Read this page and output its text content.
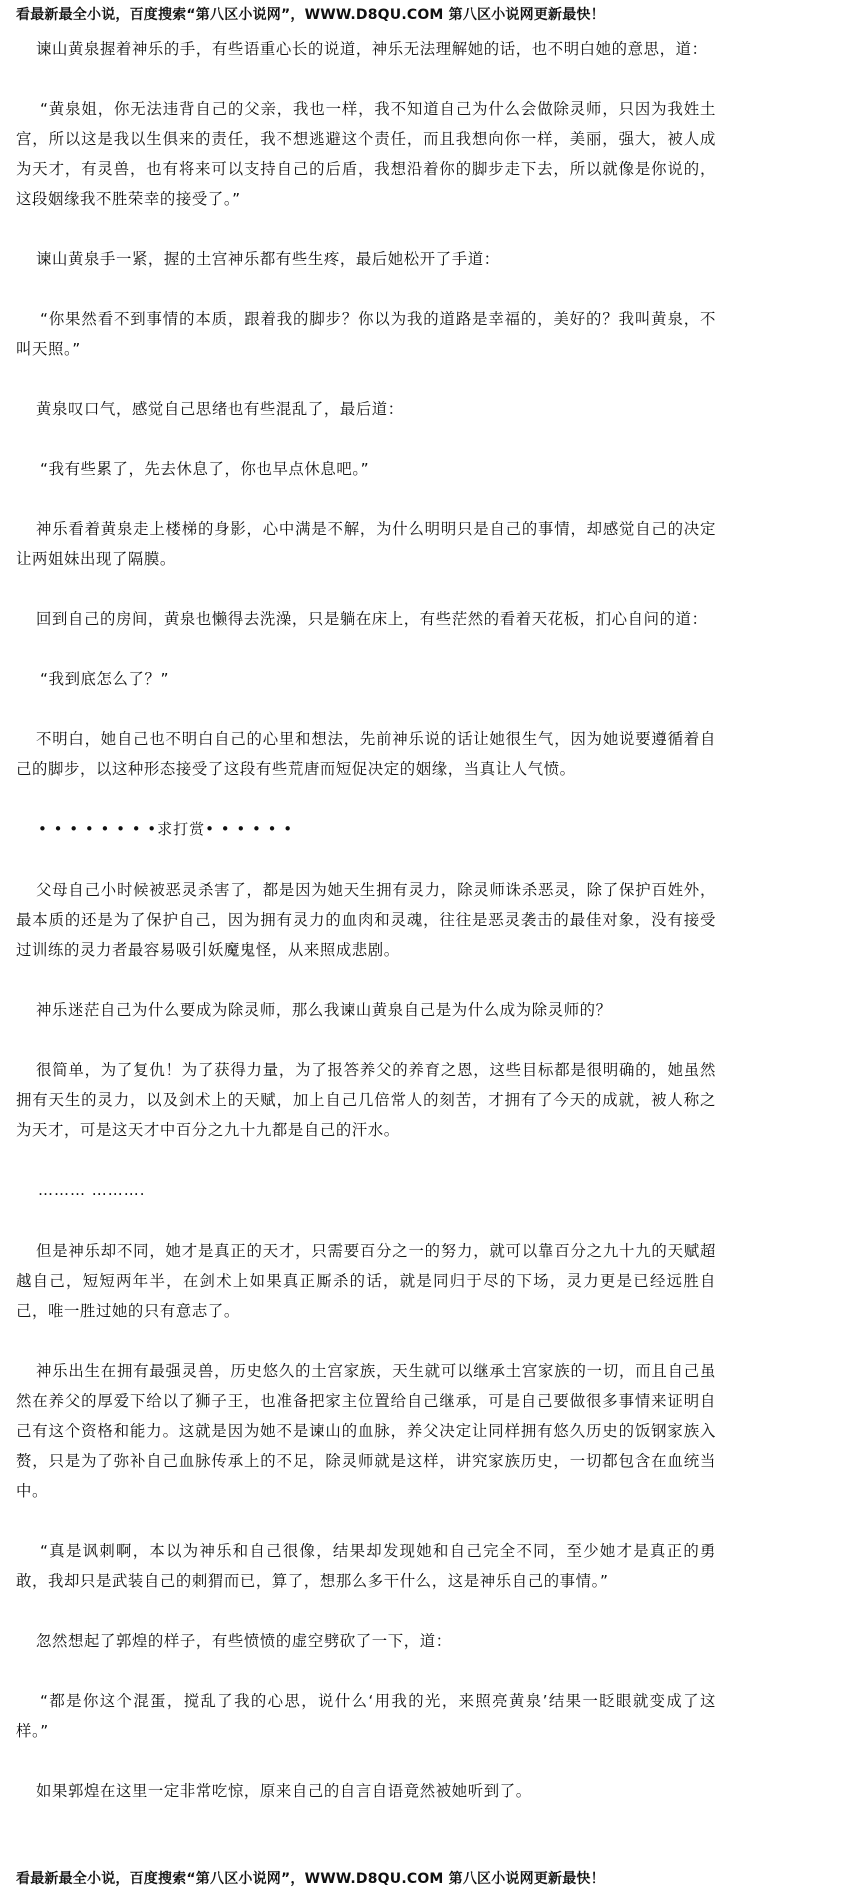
看最新最全小说，百度搜索“第八区小说网”，WWW.D8QU.COM 第八区小说网更新最快！

谏山黄泉握着神乐的手，有些语重心长的说道，神乐无法理解她的话，也不明白她的意思，道：

“黄泉姐，你无法违背自己的父亲，我也一样，我不知道自己为什么会做除灵师，只因为我姓土宫，所以这是我以生俱来的责任，我不想逃避这个责任，而且我想向你一样，美丽，强大，被人成为天才，有灵兽，也有将来可以支持自己的后盾，我想沿着你的脚步走下去，所以就像是你说的，这段姻缘我不胜荣幸的接受了。”

谏山黄泉手一紧，握的土宫神乐都有些生疼，最后她松开了手道：

“你果然看不到事情的本质，跟着我的脚步？你以为我的道路是幸福的，美好的？我叫黄泉，不叫天照。”

黄泉叹口气，感觉自己思绪也有些混乱了，最后道：

“我有些累了，先去休息了，你也早点休息吧。”

神乐看着黄泉走上楼梯的身影，心中满是不解，为什么明明只是自己的事情，却感觉自己的决定让两姐妹出现了隔膜。

回到自己的房间，黄泉也懒得去洗澡，只是躺在床上，有些茫然的看着天花板，扪心自问的道：

“我到底怎么了？”

不明白，她自己也不明白自己的心里和想法，先前神乐说的话让她很生气，因为她说要遵循着自己的脚步，以这种形态接受了这段有些荒唐而短促决定的姻缘，当真让人气愤。

• • • • • • • •求打赏• • • • • •

父母自己小时候被恶灵杀害了，都是因为她天生拥有灵力，除灵师诛杀恶灵，除了保护百姓外，最本质的还是为了保护自己，因为拥有灵力的血肉和灵魂，往往是恶灵袭击的最佳对象，没有接受过训练的灵力者最容易吸引妖魔鬼怪，从来照成悲剧。

神乐迷茫自己为什么要成为除灵师，那么我谏山黄泉自己是为什么成为除灵师的？

很简单，为了复仇！为了获得力量，为了报答养父的养育之恩，这些目标都是很明确的，她虽然拥有天生的灵力，以及剑术上的天赋，加上自己几倍常人的刻苦，才拥有了今天的成就，被人称之为天才，可是这天才中百分之九十九都是自己的汗水。

……… ……….

但是神乐却不同，她才是真正的天才，只需要百分之一的努力，就可以靠百分之九十九的天赋超越自己，短短两年半，在剑术上如果真正厮杀的话，就是同归于尽的下场，灵力更是已经远胜自己，唯一胜过她的只有意志了。

神乐出生在拥有最强灵兽，历史悠久的土宫家族，天生就可以继承土宫家族的一切，而且自己虽然在养父的厚爱下给以了狮子王，也准备把家主位置给自己继承，可是自己要做很多事情来证明自己有这个资格和能力。这就是因为她不是谏山的血脉，养父决定让同样拥有悠久历史的饭钢家族入赘，只是为了弥补自己血脉传承上的不足，除灵师就是这样，讲究家族历史，一切都包含在血统当中。

“真是讽刺啊，本以为神乐和自己很像，结果却发现她和自己完全不同，至少她才是真正的勇敢，我却只是武装自己的刺猬而已，算了，想那么多干什么，这是神乐自己的事情。”

忽然想起了郭煌的样子，有些愤愤的虚空劈砍了一下，道：

“都是你这个混蛋，搅乱了我的心思，说什么‘用我的光，来照亮黄泉’结果一眨眼就变成了这样。”

如果郭煌在这里一定非常吃惊，原来自己的自言自语竟然被她听到了。

看最新最全小说，百度搜索“第八区小说网”，WWW.D8QU.COM 第八区小说网更新最快！
